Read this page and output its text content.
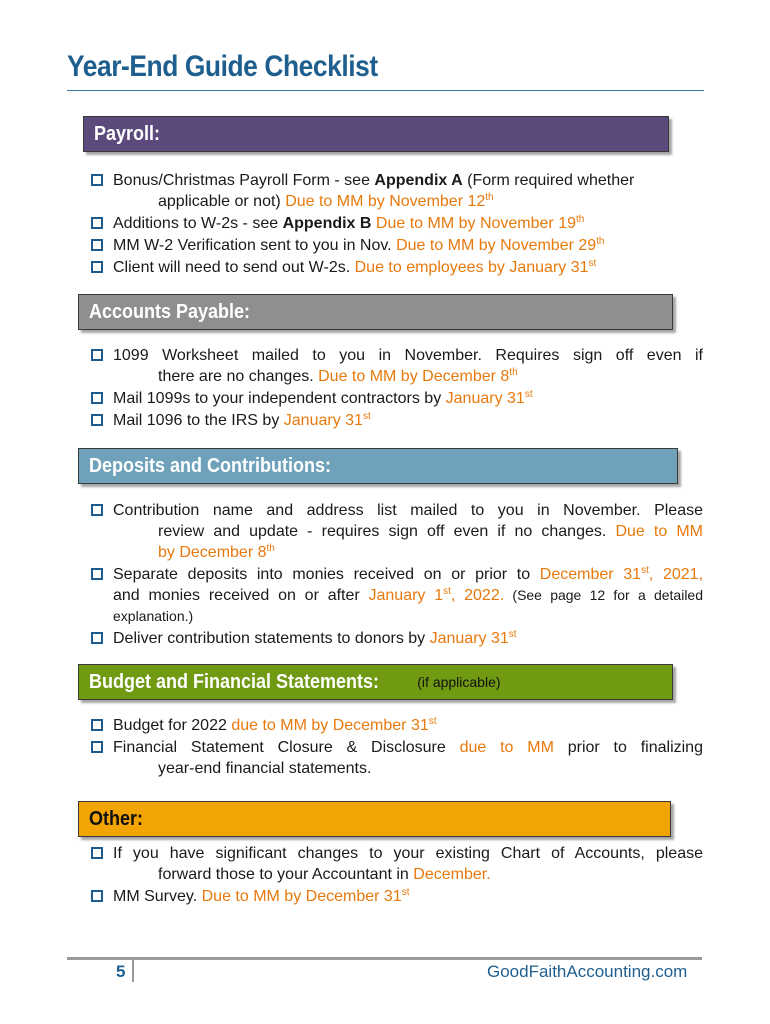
Year-End Guide Checklist
Payroll:
Bonus/Christmas Payroll Form - see Appendix A (Form required whether
applicable or not) Due to MM by November 12th
Additions to W-2s - see Appendix B Due to MM by November 19th
MM W-2 Verification sent to you in Nov. Due to MM by November 29th
Client will need to send out W-2s. Due to employees by January 31st
Accounts Payable:
1099 Worksheet mailed to you in November. Requires sign off even if
there are no changes. Due to MM by December 8th
Mail 1099s to your independent contractors by January 31st
Mail 1096 to the IRS by January 31st
Deposits and Contributions:
Contribution name and address list mailed to you in November. Please
review and update - requires sign off even if no changes. Due to MM
by December 8th
Separate deposits into monies received on or prior to December 31st, 2021,
and monies received on or after January 1st, 2022. (See page 12 for a detailed
explanation.)
Deliver contribution statements to donors by January 31st
Budget and Financial Statements:	(if applicable)
Budget for 2022 due to MM by December 31st
Financial Statement Closure & Disclosure due to MM prior to finalizing
year-end financial statements.
Other:
If you have significant changes to your existing Chart of Accounts, please
forward those to your Accountant in December.
MM Survey. Due to MM by December 31st
5	GoodFaithAccounting.com
